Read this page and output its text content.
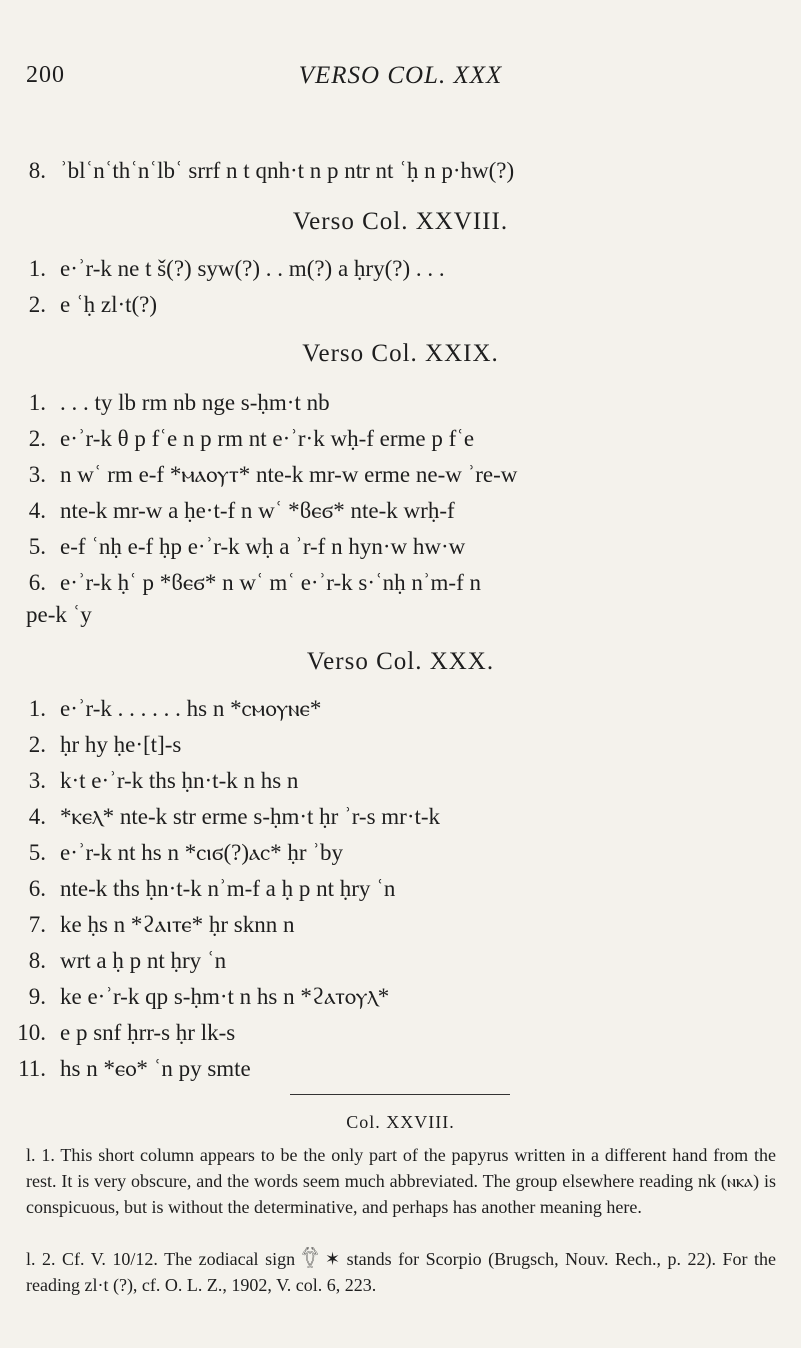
200	VERSO COL. XXX
8. ʾblʿnʿthʿnʿlbʿ srrf n t qnh·t n p ntr nt ʿḥ n p·hw(?)
Verso Col. XXVIII.
1. e·ʾr-k ne t š(?) syw(?) . . m(?) a ḥry(?) . . .
2. e ʿḥ zl·t(?)
Verso Col. XXIX.
1. . . . ty lb rm nb nge s-ḥm·t nb
2. e·ʾr-k θ p fʿe n p rm nt e·ʾr·k wḥ-f erme p fʿe
3. n wʿ rm e-f *ⲙⲁⲟⲩⲧ* nte-k mr-w erme ne-w ʾre-w
4. nte-k mr-w a ḥe·t-f n wʿ *ϐⲉϭ* nte-k wrḥ-f
5. e-f ʿnḥ e-f ḥp e·ʾr-k wḥ a ʾr-f n hyn·w hw·w
6. e·ʾr-k ḥʿ p *ϐⲉϭ* n wʿ mʿ e·ʾr-k s·ʿnḥ nʾm-f n
pe-k ʿy
Verso Col. XXX.
1. e·ʾr-k . . . . . . hs n *ⲥⲙⲟⲩⲛⲉ*
2. ḥr hy ḥe·[t]-s
3. k·t e·ʾr-k ths ḥn·t-k n hs n
4. *ⲕⲉⲗ* nte-k str erme s-ḥm·t ḥr ʾr-s mr·t-k
5. e·ʾr-k nt hs n *ⲥⲓϭ(?)ⲁⲥ* ḥr ʾby
6. nte-k ths ḥn·t-k nʾm-f a ḥ p nt ḥry ʿn
7. ke ḥs n *ϩⲁⲓⲧⲉ* ḥr sknn n
8. wrt a ḥ p nt ḥry ʿn
9. ke e·ʾr-k qp s-ḥm·t n hs n *ϩⲁⲧⲟⲩⲗ*
10. e p snf ḥrr-s ḥr lk-s
11. hs n *ⲉⲟ* ʿn py smte
Col. XXVIII.
l. 1. This short column appears to be the only part of the papyrus written in a different hand from the rest. It is very obscure, and the words seem much abbreviated. The group elsewhere reading nk (ⲛⲕⲁ) is conspicuous, but is without the determinative, and perhaps has another meaning here.
l. 2. Cf. V. 10/12. The zodiacal sign 𓆫 ✶ stands for Scorpio (Brugsch, Nouv. Rech., p. 22). For the reading zl·t (?), cf. O. L. Z., 1902, V. col. 6, 223.
